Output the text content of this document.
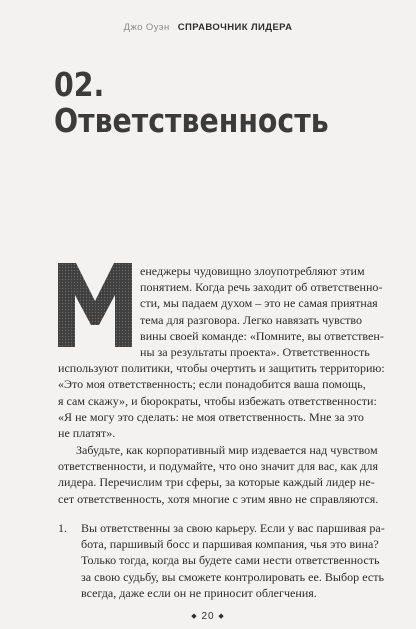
Джо Оуэн СПРАВОЧНИК ЛИДЕРА
02.
Ответственность
енеджеры чудовищно злоупотребляют этим
понятием. Когда речь заходит об ответственно-
сти, мы падаем духом – это не самая приятная
тема для разговора. Легко навязать чувство
вины своей команде: «Помните, вы ответствен-
ны за результаты проекта». Ответственность
используют политики, чтобы очертить и защитить территорию:
«Это моя ответственность; если понадобится ваша помощь,
я сам скажу», и бюрократы, чтобы избежать ответственности:
«Я не могу это сделать: не моя ответственность. Мне за это
не платят».
Забудьте, как корпоративный мир издевается над чувством
ответственности, и подумайте, что оно значит для вас, как для
лидера. Перечислим три сферы, за которые каждый лидер не-
сет ответственность, хотя многие с этим явно не справляются.
1. Вы ответственны за свою карьеру. Если у вас паршивая ра-
бота, паршивый босс и паршивая компания, чья это вина?
Только тогда, когда вы будете сами нести ответственность
за свою судьбу, вы сможете контролировать ее. Выбор есть
всегда, даже если он не приносит облегчения.
◆ 20 ◆
